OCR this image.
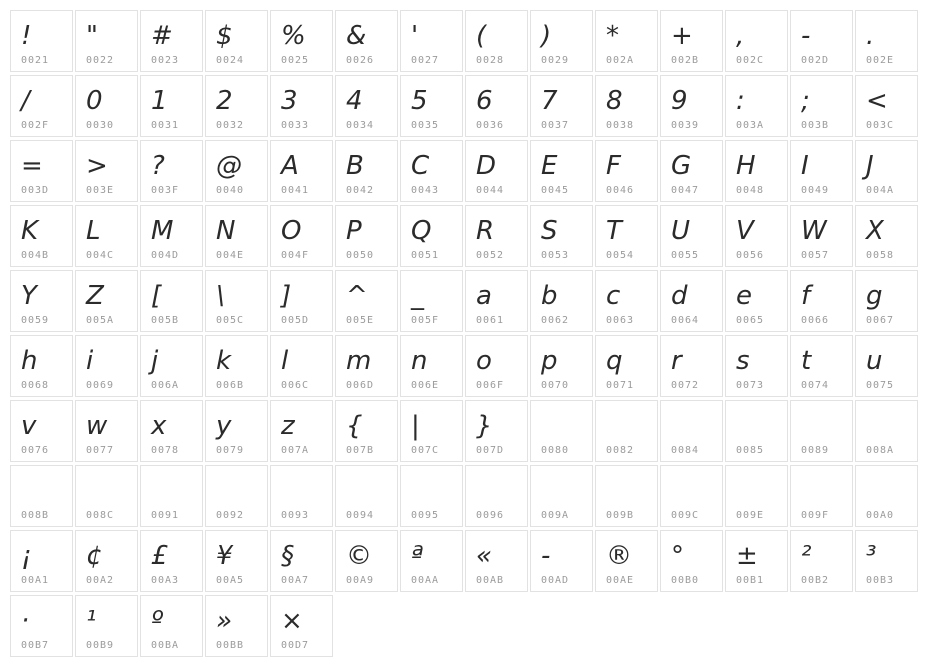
!
0021
"
0022
#
0023
$
0024
%
0025
&
0026
'
0027
(
0028
)
0029
*
002A
+
002B
,
002C
-
002D
.
002E
/
002F
0
0030
1
0031
2
0032
3
0033
4
0034
5
0035
6
0036
7
0037
8
0038
9
0039
:
003A
;
003B
<
003C
=
003D
>
003E
?
003F
@
0040
A
0041
B
0042
C
0043
D
0044
E
0045
F
0046
G
0047
H
0048
I
0049
J
004A
K
004B
L
004C
M
004D
N
004E
O
004F
P
0050
Q
0051
R
0052
S
0053
T
0054
U
0055
V
0056
W
0057
X
0058
Y
0059
Z
005A
[
005B
\
005C
]
005D
^
005E
_
005F
a
0061
b
0062
c
0063
d
0064
e
0065
f
0066
g
0067
h
0068
i
0069
j
006A
k
006B
l
006C
m
006D
n
006E
o
006F
p
0070
q
0071
r
0072
s
0073
t
0074
u
0075
v
0076
w
0077
x
0078
y
0079
z
007A
{
007B
|
007C
}
007D	0080	0082	0084	0085	0089	008A
008B	008C	0091	0092	0093	0094	0095	0096	009A	009B	009C	009E	009F	00A0
¡
00A1
¢
00A2
£
00A3
¥
00A5
§
00A7
©
00A9
ª
00AA
«
00AB
-
00AD
®
00AE
°
00B0
±
00B1
²
00B2
³
00B3
·
00B7
¹
00B9
º
00BA
»
00BB
×
00D7
